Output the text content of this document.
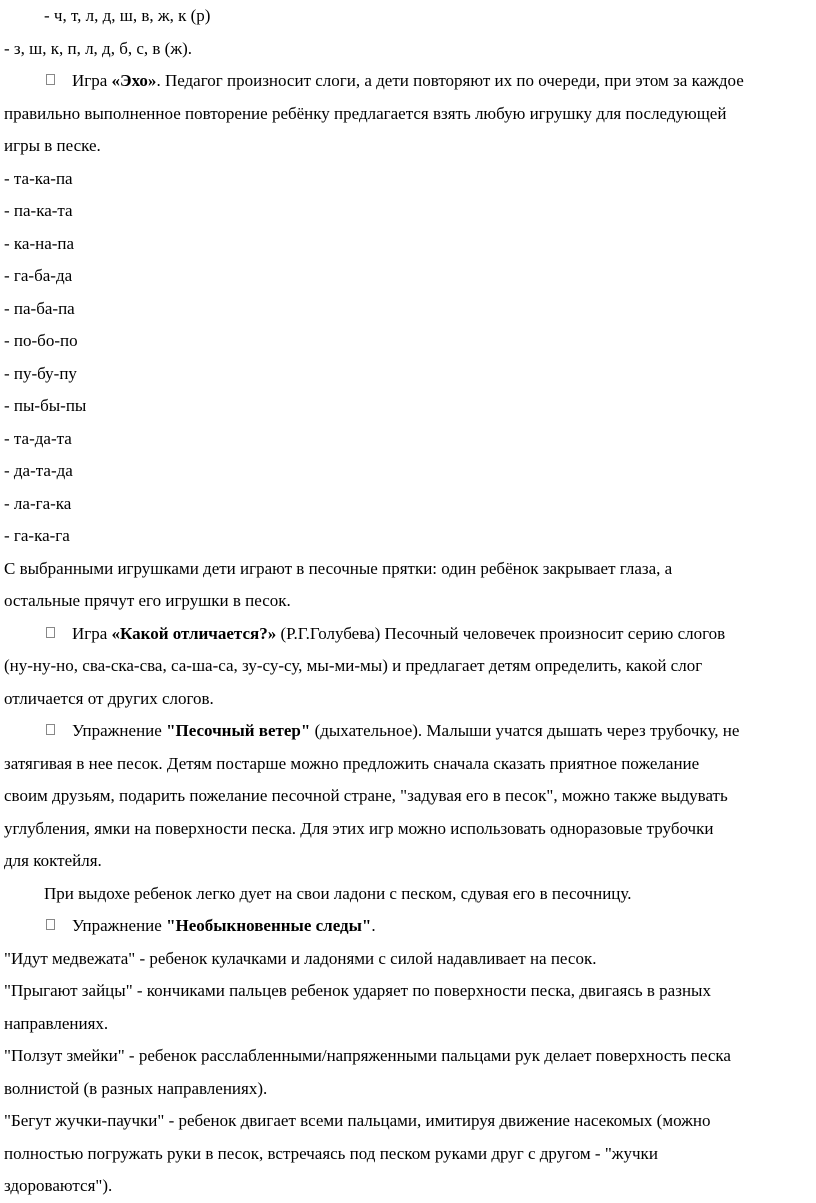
- ч, т, л, д, ш, в, ж, к (р)
- з, ш, к, п, л, д, б, с, в (ж).
Игра «Эхо». Педагог произносит слоги, а дети повторяют их по очереди, при этом за каждое
правильно выполненное повторение ребёнку предлагается взять любую игрушку для последующей
игры в песке.
- та-ка-па
- па-ка-та
- ка-на-па
- га-ба-да
- па-ба-па
- по-бо-по
- пу-бу-пу
- пы-бы-пы
- та-да-та
- да-та-да
- ла-га-ка
- га-ка-га
С выбранными игрушками дети играют в песочные прятки: один ребёнок закрывает глаза, а
остальные прячут его игрушки в песок.
Игра «Какой отличается?» (Р.Г.Голубева) Песочный человечек произносит серию слогов
(ну-ну-но, сва-ска-сва, са-ша-са, зу-су-су, мы-ми-мы) и предлагает детям определить, какой слог
отличается от других слогов.
Упражнение "Песочный ветер" (дыхательное). Малыши учатся дышать через трубочку, не
затягивая в нее песок. Детям постарше можно предложить сначала сказать приятное пожелание
своим друзьям, подарить пожелание песочной стране, "задувая его в песок", можно также выдувать
углубления, ямки на поверхности песка. Для этих игр можно использовать одноразовые трубочки
для коктейля.
При выдохе ребенок легко дует на свои ладони с песком, сдувая его в песочницу.
Упражнение "Необыкновенные следы".
"Идут медвежата" - ребенок кулачками и ладонями с силой надавливает на песок.
"Прыгают зайцы" - кончиками пальцев ребенок ударяет по поверхности песка, двигаясь в разных
направлениях.
"Ползут змейки" - ребенок расслабленными/напряженными пальцами рук делает поверхность песка
волнистой (в разных направлениях).
"Бегут жучки-паучки" - ребенок двигает всеми пальцами, имитируя движение насекомых (можно
полностью погружать руки в песок, встречаясь под песком руками друг с другом - "жучки
здороваются").
